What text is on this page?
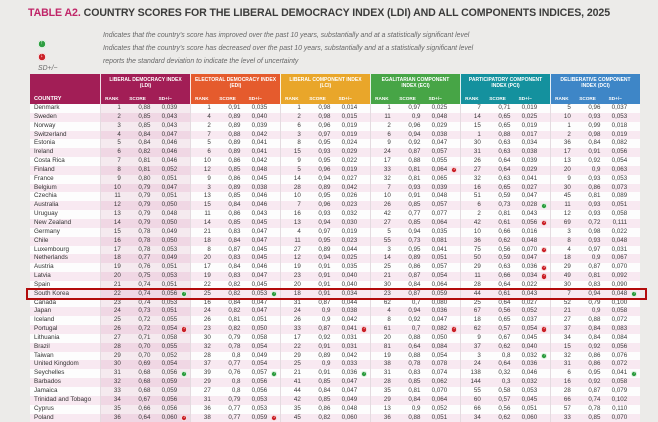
TABLE A2. COUNTRY SCORES FOR THE LIBERAL DEMOCRACY INDEX (LDI) AND ALL COMPONENTS INDICES, 2025
↑
Indicates that the country's score has improved over the past 10 years, substantially and at a statistically significant level
↓
Indicates that the country's score has decreased over the past 10 years, substantially and at a statistically significant level
SD+/−
reports the standard deviation to indicate the level of uncertainty
COUNTRY
LIBERAL DEMOCRACY INDEX (LDI)
RANK	SCORE	SD+/−
ELECTORAL DEMOCRACY INDEX (EDI)
RANK	SCORE	SD+/−
LIBERAL COMPONENT INDEX (LCI)
RANK	SCORE	SD+/−
EGALITARIAN COMPONENT INDEX (ECI)
RANK	SCORE	SD+/−
PARTICIPATORY COMPONENT INDEX (PCI)
RANK	SCORE	SD+/−
DELIBERATIVE COMPONENT INDEX (DCI)
RANK	SCORE	SD+/−
Denmark	1	0,88	0,039	1	0,91	0,035	1	0,98	0,014	1	0,97	0,025	7	0,71	0,019	5	0,96	0,037
Sweden	2	0,85	0,043	4	0,89	0,040	2	0,98	0,015	11	0,9	0,048	14	0,65	0,025	10	0,93	0,053
Norway	3	0,85	0,043	2	0,89	0,039	6	0,96	0,019	2	0,96	0,029	15	0,65	0,019	1	0,99	0,018
Switzerland	4	0,84	0,047	7	0,88	0,042	3	0,97	0,019	6	0,94	0,038	1	0,88	0,017	2	0,98	0,019
Estonia	5	0,84	0,046	5	0,89	0,041	8	0,95	0,024	9	0,92	0,047	30	0,63	0,034	36	0,84	0,082
Ireland	6	0,82	0,046	6	0,89	0,041	15	0,93	0,029	24	0,87	0,057	31	0,63	0,038	17	0,91	0,056
Costa Rica	7	0,81	0,046	10	0,86	0,042	9	0,95	0,022	17	0,88	0,055	26	0,64	0,039	13	0,92	0,054
Finland	8	0,81	0,052	12	0,85	0,048	5	0,96	0,019	33	0,81	0,064	↓	27	0,64	0,029	20	0,9	0,063
France	9	0,80	0,051	9	0,86	0,045	14	0,94	0,027	32	0,81	0,065	32	0,63	0,041	9	0,93	0,053
Belgium	10	0,79	0,047	3	0,89	0,038	28	0,89	0,042	7	0,93	0,039	16	0,65	0,027	30	0,86	0,073
Czechia	11	0,79	0,051	13	0,85	0,046	10	0,95	0,026	10	0,91	0,048	51	0,59	0,047	45	0,81	0,089
Australia	12	0,79	0,050	15	0,84	0,046	7	0,96	0,023	26	0,85	0,057	6	0,73	0,028	↑	11	0,93	0,051
Uruguay	13	0,79	0,048	11	0,86	0,043	16	0,93	0,032	42	0,77	0,077	2	0,81	0,043	12	0,93	0,058
New Zealand	14	0,79	0,050	14	0,85	0,045	13	0,94	0,030	27	0,85	0,064	42	0,61	0,056	↓	69	0,72	0,111
Germany	15	0,78	0,049	21	0,83	0,047	4	0,97	0,019	5	0,94	0,035	10	0,66	0,016	3	0,98	0,022
Chile	16	0,78	0,050	18	0,84	0,047	11	0,95	0,023	55	0,73	0,081	36	0,62	0,048	8	0,93	0,048
Luxembourg	17	0,78	0,053	8	0,87	0,045	27	0,89	0,044	3	0,95	0,041	75	0,56	0,070	↓	4	0,97	0,031
Netherlands	18	0,77	0,049	20	0,83	0,045	12	0,94	0,025	14	0,89	0,051	50	0,59	0,047	18	0,9	0,067
Austria	19	0,76	0,051	17	0,84	0,046	19	0,91	0,035	25	0,86	0,057	29	0,63	0,036	↓	29	0,87	0,070
Latvia	20	0,75	0,053	19	0,83	0,047	23	0,91	0,040	21	0,87	0,054	11	0,66	0,034	↓	49	0,81	0,092
Spain	21	0,74	0,051	22	0,82	0,045	20	0,91	0,040	30	0,84	0,064	28	0,64	0,022	30	0,83	0,090
South Korea	22	0,74	0,056	↑	25	0,82	0,053	↑	18	0,91	0,034	23	0,87	0,059	44	0,61	0,043	7	0,94	0,048	↑
Canada	23	0,74	0,053	16	0,84	0,047	31	0,87	0,044	62	0,7	0,080	25	0,64	0,027	52	0,79	0,100
Japan	24	0,73	0,051	24	0,82	0,047	24	0,9	0,038	4	0,94	0,036	67	0,56	0,052	21	0,9	0,058
Iceland	25	0,72	0,055	26	0,81	0,051	26	0,9	0,042	8	0,92	0,047	18	0,65	0,037	27	0,88	0,072
Portugal	26	0,72	0,054	↓	23	0,82	0,050	33	0,87	0,041	↓	61	0,7	0,082	↓	62	0,57	0,054	↓	37	0,84	0,083
Lithuania	27	0,71	0,058	30	0,79	0,058	17	0,92	0,031	20	0,88	0,050	9	0,67	0,045	34	0,84	0,084
Brazil	28	0,70	0,055	32	0,78	0,054	22	0,91	0,031	81	0,64	0,084	37	0,62	0,040	15	0,92	0,056
Taiwan	29	0,70	0,052	28	0,8	0,049	29	0,89	0,042	19	0,88	0,054	3	0,8	0,032	↑	32	0,86	0,076
United Kingdom	30	0,69	0,054	37	0,77	0,054	25	0,9	0,033	38	0,78	0,078	24	0,64	0,036	31	0,86	0,072
Seychelles	31	0,68	0,056	↑	39	0,76	0,057	↑	21	0,91	0,036	↑	31	0,83	0,074	138	0,32	0,046	6	0,95	0,041	↑
Barbados	32	0,68	0,059	29	0,8	0,056	41	0,85	0,047	28	0,85	0,062	144	0,3	0,032	16	0,92	0,058
Jamaica	33	0,68	0,059	27	0,8	0,056	44	0,84	0,047	35	0,81	0,070	55	0,58	0,053	28	0,87	0,079
Trinidad and Tobago	34	0,67	0,056	31	0,79	0,053	42	0,85	0,049	29	0,84	0,064	60	0,57	0,045	66	0,74	0,102
Cyprus	35	0,66	0,056	36	0,77	0,053	35	0,86	0,048	13	0,9	0,052	66	0,56	0,051	57	0,78	0,110
Poland	36	0,64	0,060	↓	38	0,77	0,059	↓	45	0,82	0,060	36	0,88	0,051	34	0,62	0,060	33	0,85	0,070
